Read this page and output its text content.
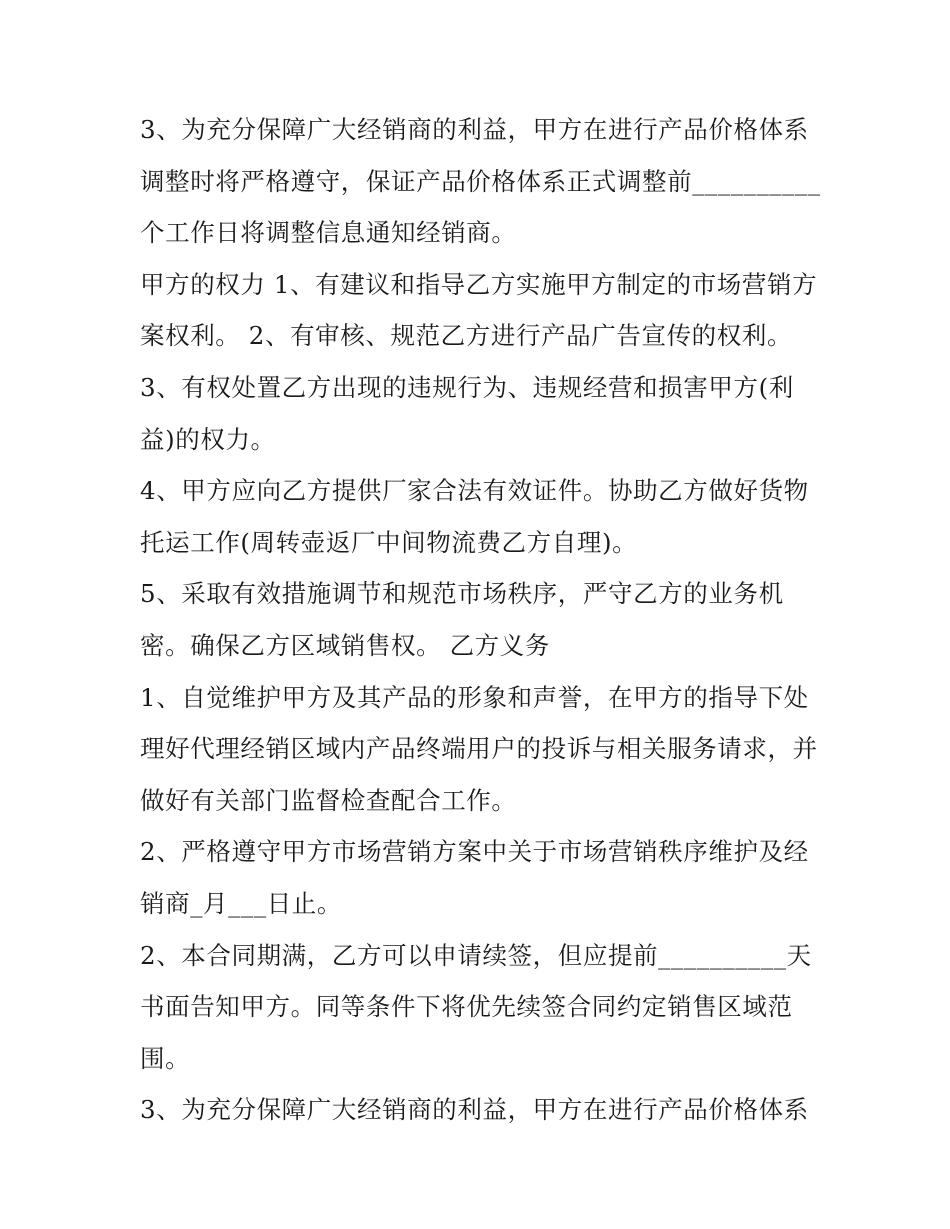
3、为充分保障广大经销商的利益，甲方在进行产品价格体系
调整时将严格遵守，保证产品价格体系正式调整前__________
个工作日将调整信息通知经销商。
甲方的权力 1、有建议和指导乙方实施甲方制定的市场营销方
案权利。 2、有审核、规范乙方进行产品广告宣传的权利。
3、有权处置乙方出现的违规行为、违规经营和损害甲方(利
益)的权力。
4、甲方应向乙方提供厂家合法有效证件。协助乙方做好货物
托运工作(周转壶返厂中间物流费乙方自理)。
5、采取有效措施调节和规范市场秩序，严守乙方的业务机
密。确保乙方区域销售权。 乙方义务
1、自觉维护甲方及其产品的形象和声誉，在甲方的指导下处
理好代理经销区域内产品终端用户的投诉与相关服务请求，并
做好有关部门监督检查配合工作。
2、严格遵守甲方市场营销方案中关于市场营销秩序维护及经
销商_月___日止。
2、本合同期满，乙方可以申请续签，但应提前__________天
书面告知甲方。同等条件下将优先续签合同约定销售区域范
围。
3、为充分保障广大经销商的利益，甲方在进行产品价格体系
